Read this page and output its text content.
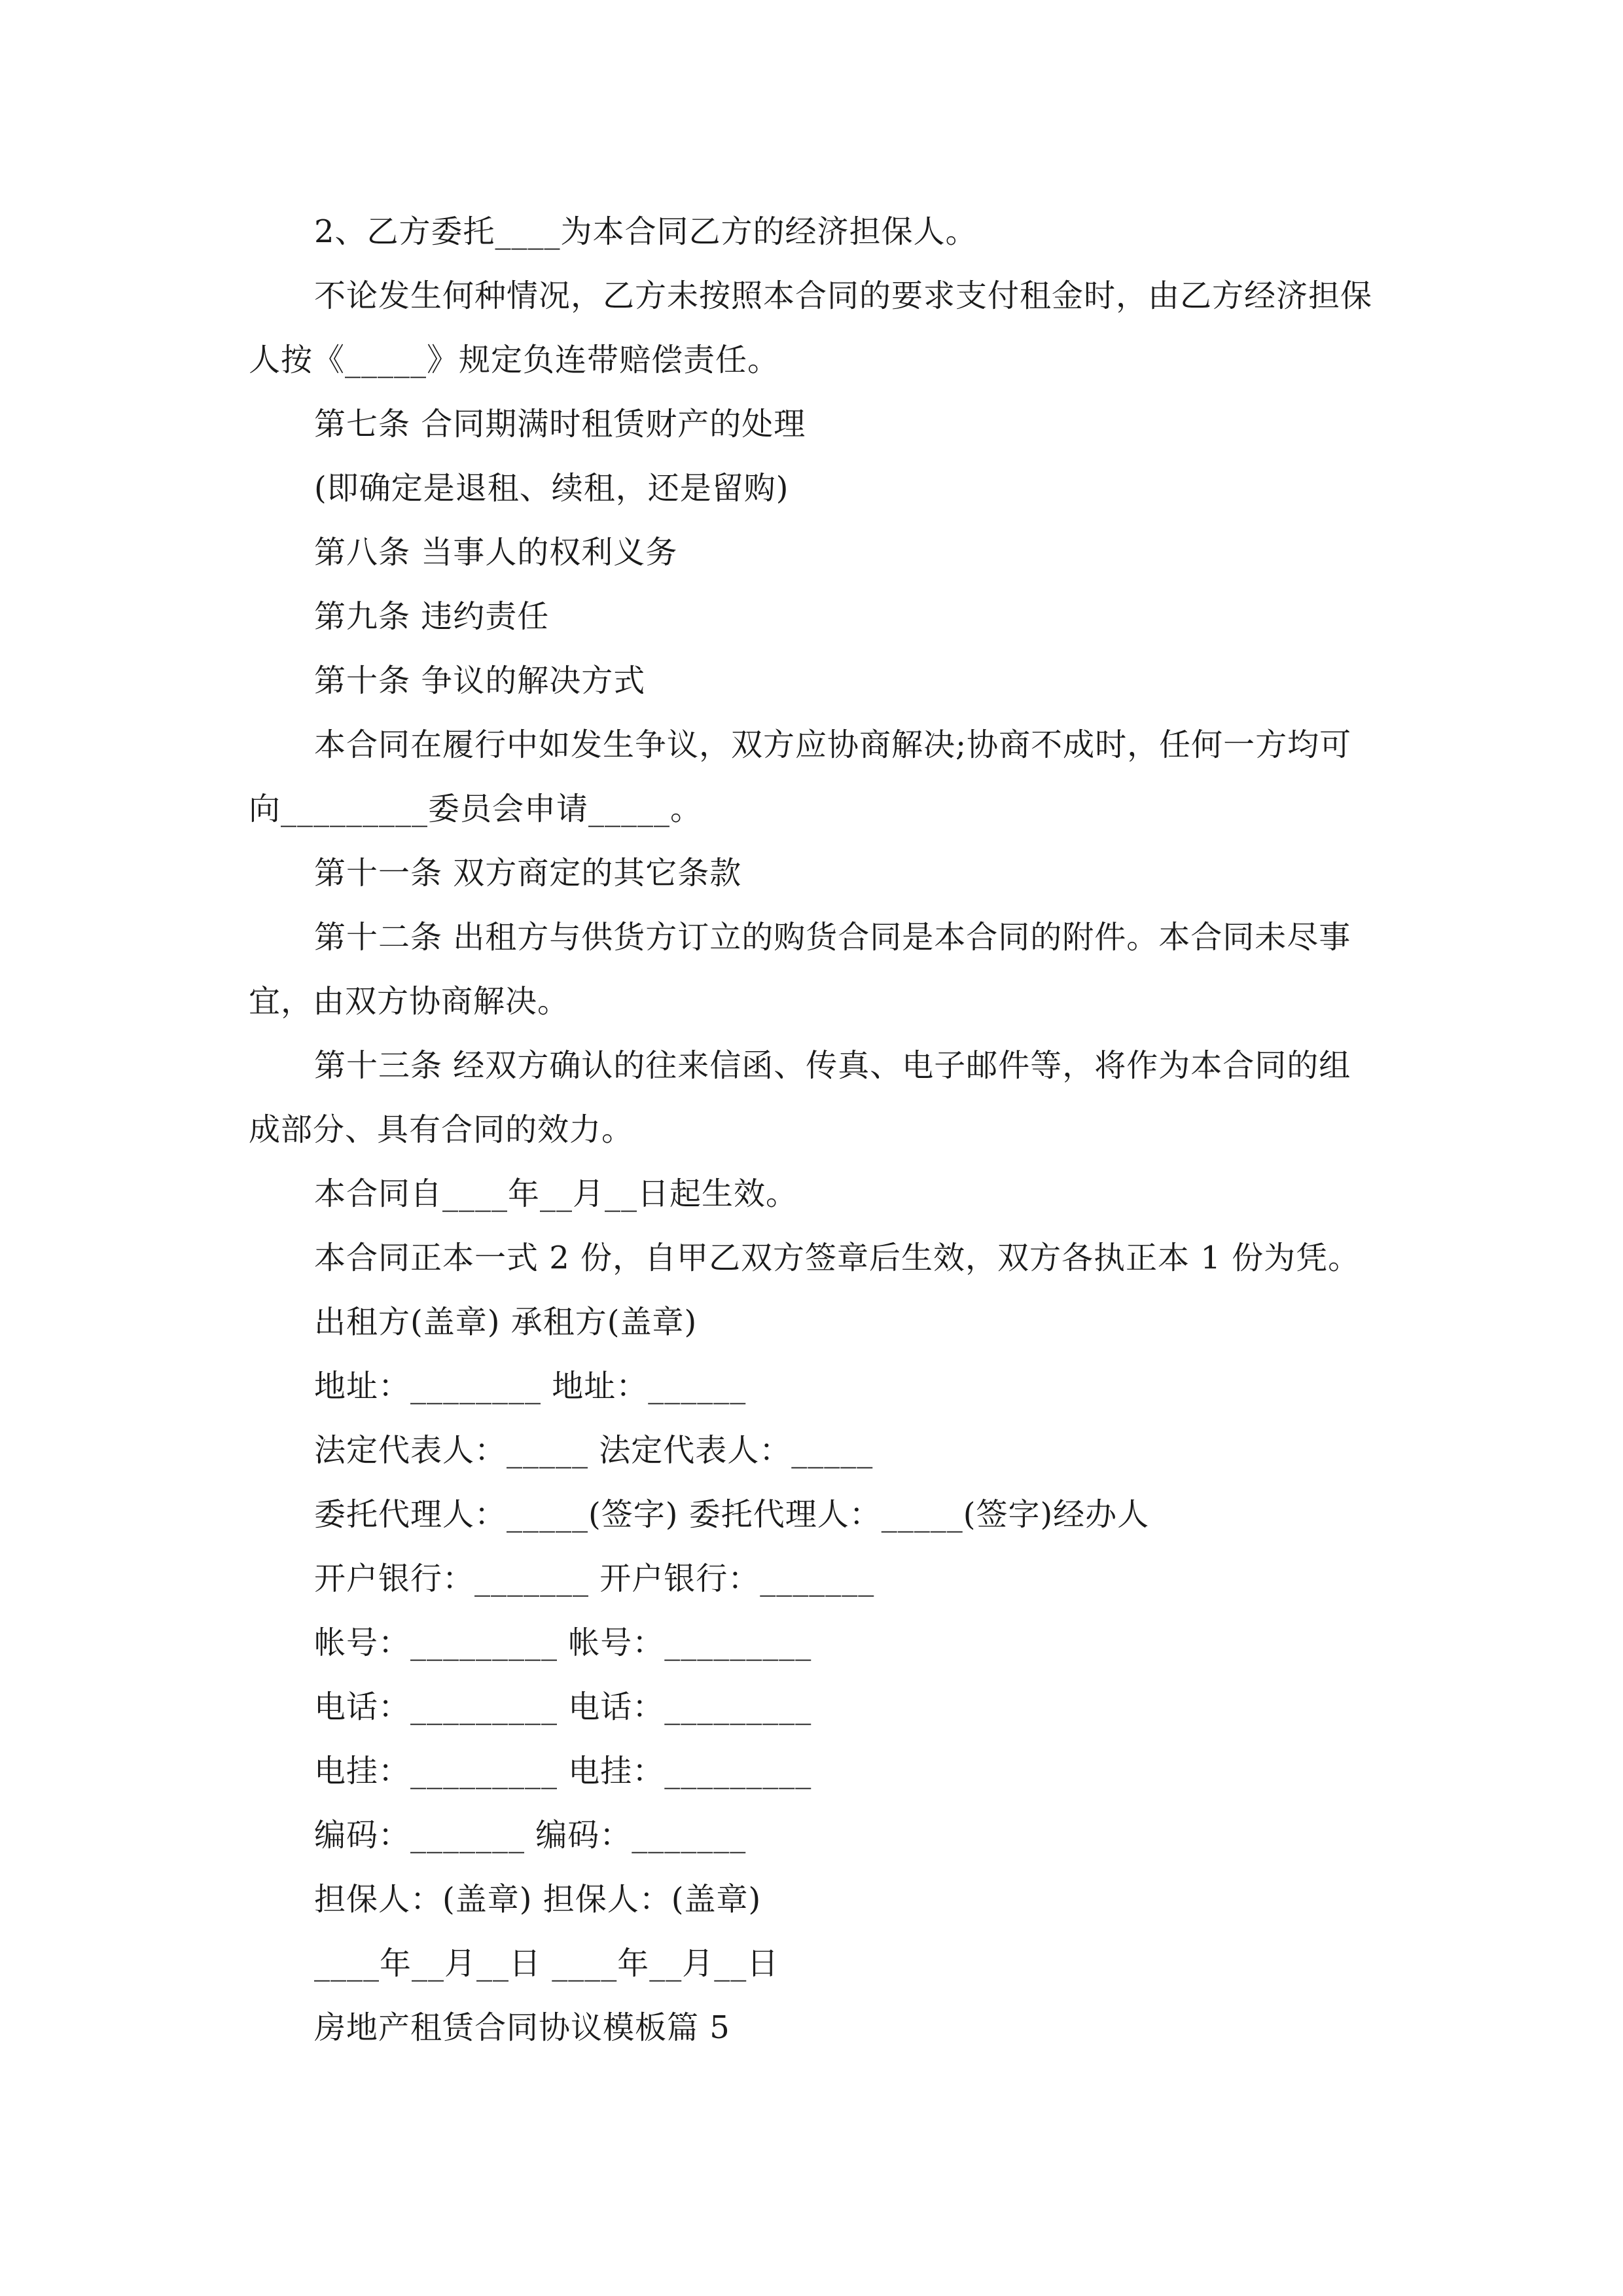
2、乙方委托____为本合同乙方的经济担保人。
不论发生何种情况，乙方未按照本合同的要求支付租金时，由乙方经济担保
人按《_____》规定负连带赔偿责任。
第七条 合同期满时租赁财产的处理
(即确定是退租、续租，还是留购)
第八条 当事人的权利义务
第九条 违约责任
第十条 争议的解决方式
本合同在履行中如发生争议，双方应协商解决;协商不成时，任何一方均可
向_________委员会申请_____。
第十一条 双方商定的其它条款
第十二条 出租方与供货方订立的购货合同是本合同的附件。本合同未尽事
宜，由双方协商解决。
第十三条 经双方确认的往来信函、传真、电子邮件等，将作为本合同的组
成部分、具有合同的效力。
本合同自____年__月__日起生效。
本合同正本一式 2 份，自甲乙双方签章后生效，双方各执正本 1 份为凭。
出租方(盖章) 承租方(盖章)
地址：________ 地址：______
法定代表人：_____ 法定代表人：_____
委托代理人：_____(签字) 委托代理人：_____(签字)经办人
开户银行：_______ 开户银行：_______
帐号：_________ 帐号：_________
电话：_________ 电话：_________
电挂：_________ 电挂：_________
编码：_______ 编码：_______
担保人：(盖章) 担保人：(盖章)
____年__月__日 ____年__月__日
房地产租赁合同协议模板篇 5
